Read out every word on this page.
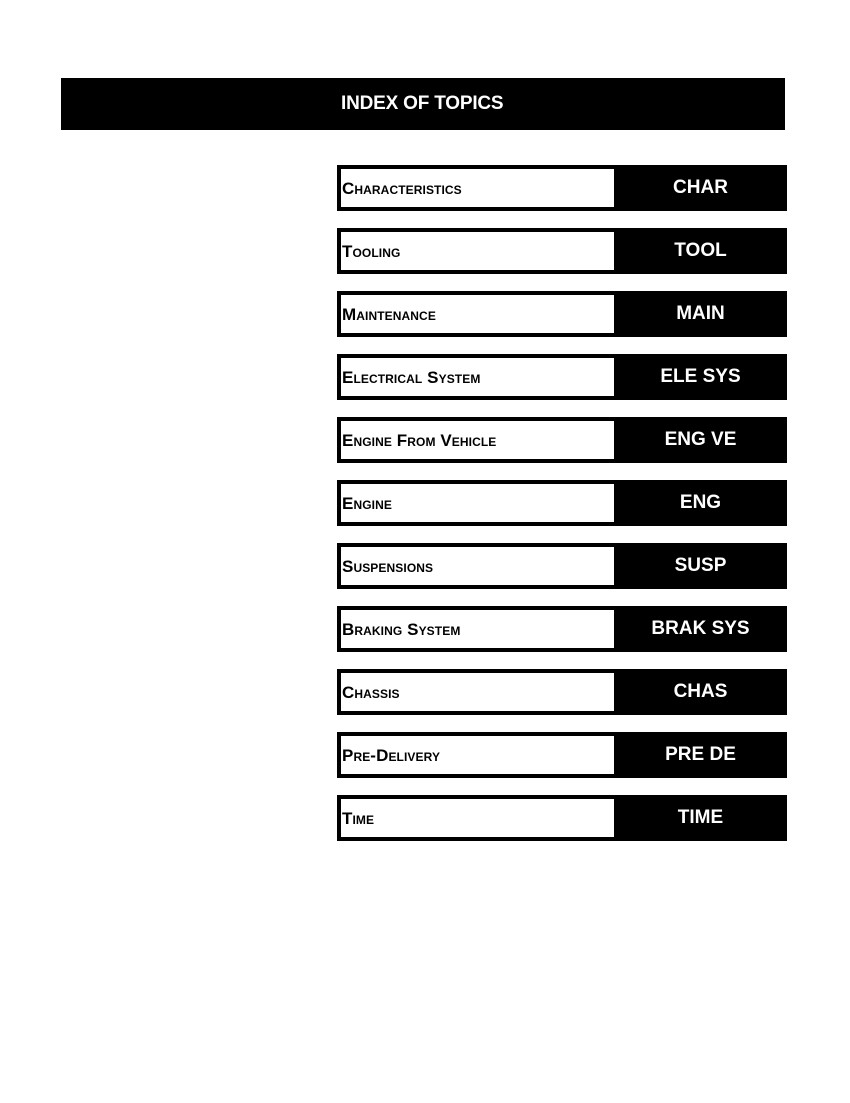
INDEX OF TOPICS
Characteristics	CHAR
Tooling	TOOL
Maintenance	MAIN
Electrical System	ELE SYS
Engine From Vehicle	ENG VE
Engine	ENG
Suspensions	SUSP
Braking System	BRAK SYS
Chassis	CHAS
Pre-Delivery	PRE DE
Time	TIME
